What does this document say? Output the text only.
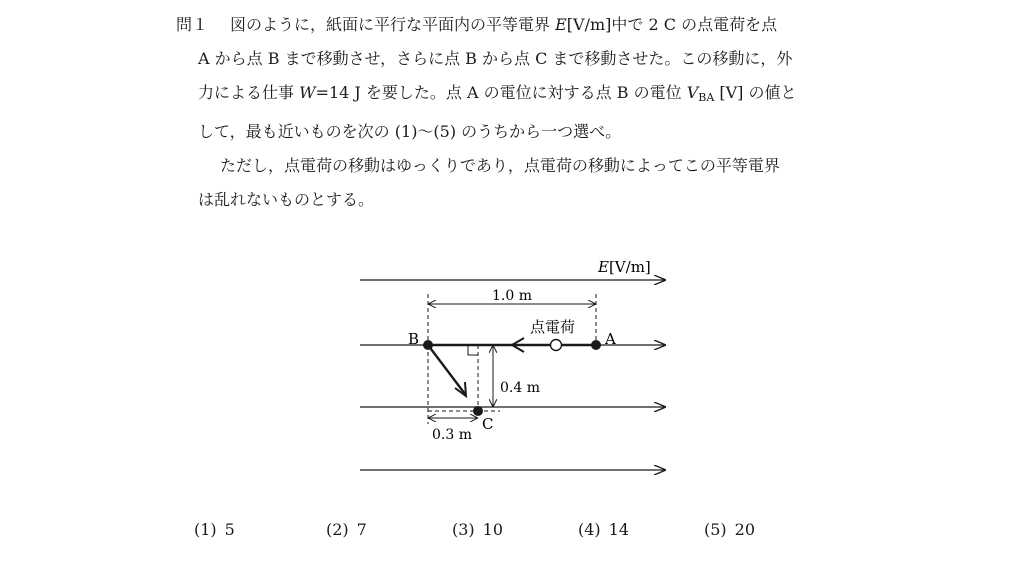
問１ 図のように，紙面に平行な平面内の平等電界 E[V/m]中で 2 C の点電荷を点
A から点 B まで移動させ，さらに点 B から点 C まで移動させた。この移動に，外
力による仕事 W=14 J を要した。点 A の電位に対する点 B の電位 $V_{BA}$ [V] の値と
して，最も近いものを次の (1)～(5) のうちから一つ選べ。
ただし，点電荷の移動はゆっくりであり，点電荷の移動によってこの平等電界
は乱れないものとする。
E[V/m]
1.0 m
0.4 m
0.3 m
B	A
C
点電荷
(1) 5	(2) 7	(3) 10	(4) 14	(5) 20
